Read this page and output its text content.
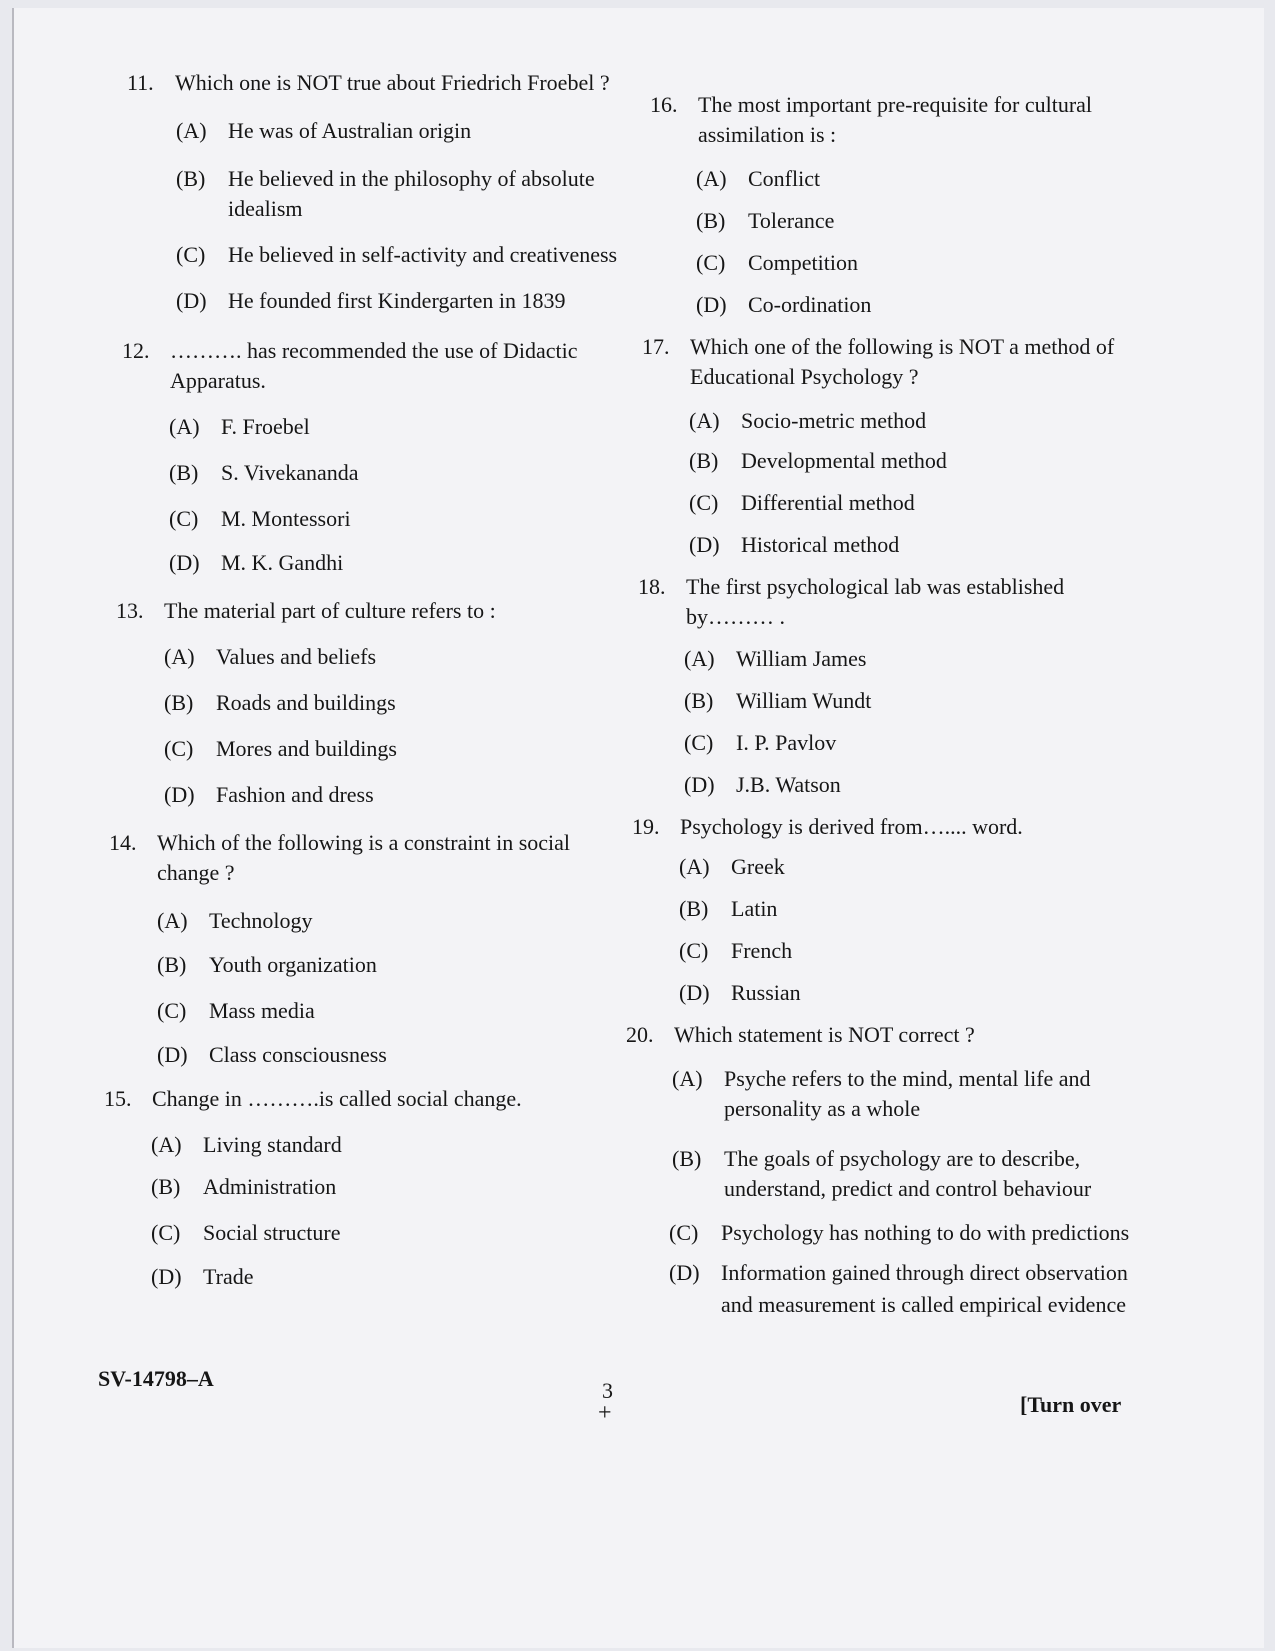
11. Which one is NOT true about Friedrich Froebel ?
(A) He was of Australian origin
(B) He believed in the philosophy of absolute
idealism
(C) He believed in self-activity and creativeness
(D) He founded first Kindergarten in 1839
12. ………. has recommended the use of Didactic
Apparatus.
(A) F. Froebel
(B) S. Vivekananda
(C) M. Montessori
(D) M. K. Gandhi
13. The material part of culture refers to :
(A) Values and beliefs
(B) Roads and buildings
(C) Mores and buildings
(D) Fashion and dress
14. Which of the following is a constraint in social
change ?
(A) Technology
(B) Youth organization
(C) Mass media
(D) Class consciousness
15. Change in ……….is called social change.
(A) Living standard
(B) Administration
(C) Social structure
(D) Trade
16. The most important pre-requisite for cultural
assimilation is :
(A) Conflict
(B) Tolerance
(C) Competition
(D) Co-ordination
17. Which one of the following is NOT a method of
Educational Psychology ?
(A) Socio-metric method
(B) Developmental method
(C) Differential method
(D) Historical method
18. The first psychological lab was established
by……… .
(A) William James
(B) William Wundt
(C) I. P. Pavlov
(D) J.B. Watson
19. Psychology is derived from….... word.
(A) Greek
(B) Latin
(C) French
(D) Russian
20. Which statement is NOT correct ?
(A) Psyche refers to the mind, mental life and
personality as a whole
(B) The goals of psychology are to describe,
understand, predict and control behaviour
(C) Psychology has nothing to do with predictions
(D) Information gained through direct observation
and measurement is called empirical evidence
SV-14798–A	3
+	[Turn over
